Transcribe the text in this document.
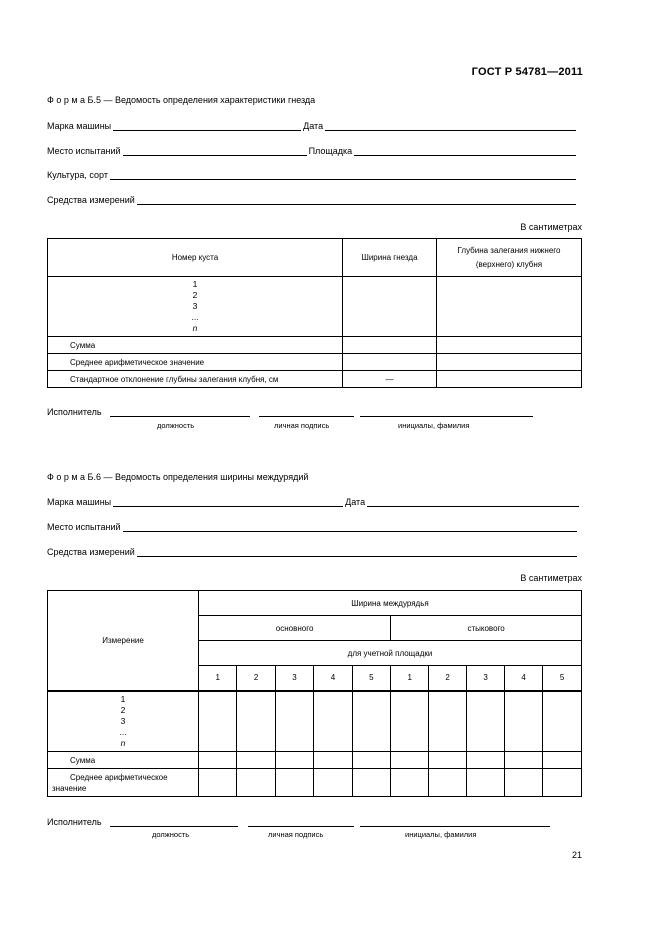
ГОСТ Р 54781—2011
Ф о р м а Б.5 — Ведомость определения характеристики гнезда
Марка машины	Дата
Место испытаний	Площадка
Культура, сорт
Средства измерений
В сантиметрах
Номер куста	Ширина гнезда	Глубина залегания нижнего (верхнего) клубня

1
2
3
...
n		

Сумма		
Среднее арифметическое значение		
Стандартное отклонение глубины залегания клубня, см	—	
Исполнитель
должность	личная подпись	инициалы, фамилия
Ф о р м а Б.6 — Ведомость определения ширины междурядий
Марка машины	Дата
Место испытаний
Средства измерений
В сантиметрах
Измерение	Ширина междурядья									
	основного					стыкового				
	для учетной площадки									
	1	2	3	4	5	1	2	3	4	5

1
2
3
...
n										

Сумма										
Среднее арифметическое значение										
Исполнитель
должность	личная подпись	инициалы, фамилия
21
